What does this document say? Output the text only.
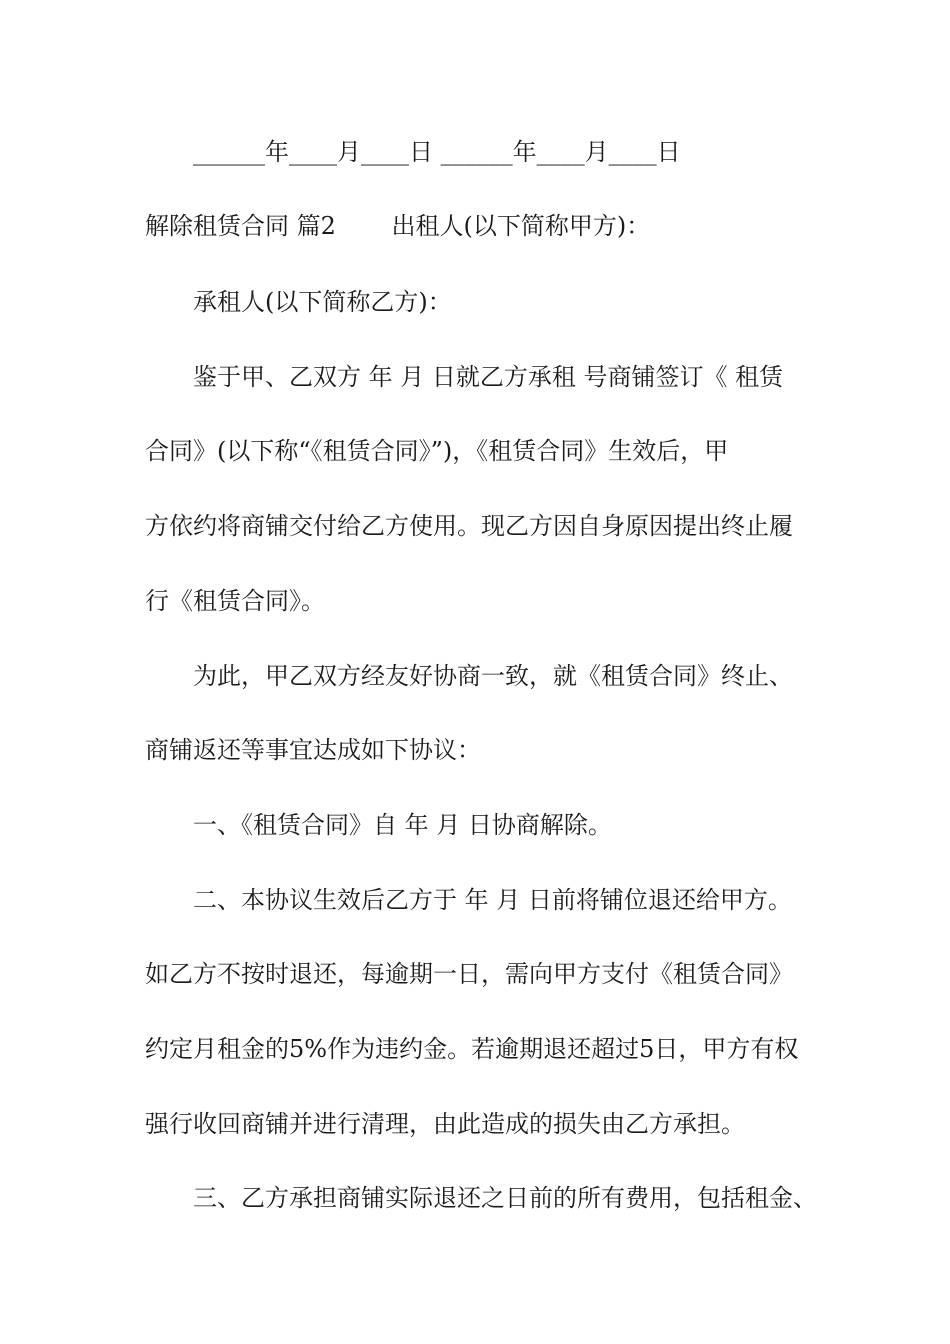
______年____月____日 ______年____月____日
解除租赁合同 篇2　　 出租人(以下简称甲方)：
承租人(以下简称乙方)：
鉴于甲、乙双方 年 月 日就乙方承租 号商铺签订《 租赁
合同》(以下称“《租赁合同》”)，《租赁合同》生效后，甲
方依约将商铺交付给乙方使用。现乙方因自身原因提出终止履
行《租赁合同》。
为此，甲乙双方经友好协商一致，就《租赁合同》终止、
商铺返还等事宜达成如下协议：
一、《租赁合同》自 年 月 日协商解除。
二、本协议生效后乙方于 年 月 日前将铺位退还给甲方。
如乙方不按时退还，每逾期一日，需向甲方支付《租赁合同》
约定月租金的5%作为违约金。若逾期退还超过5日，甲方有权
强行收回商铺并进行清理，由此造成的损失由乙方承担。
三、乙方承担商铺实际退还之日前的所有费用，包括租金、
